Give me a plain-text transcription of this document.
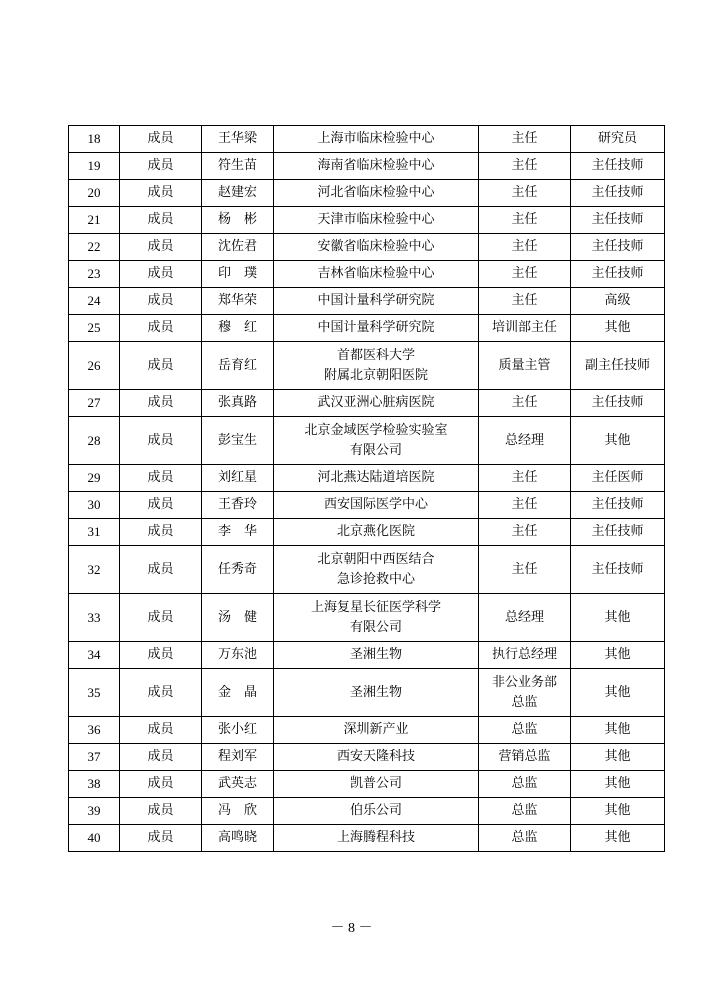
18	成员	王华梁	上海市临床检验中心	主任	研究员
19	成员	符生苗	海南省临床检验中心	主任	主任技师
20	成员	赵建宏	河北省临床检验中心	主任	主任技师
21	成员	杨　彬	天津市临床检验中心	主任	主任技师
22	成员	沈佐君	安徽省临床检验中心	主任	主任技师
23	成员	印　璞	吉林省临床检验中心	主任	主任技师
24	成员	郑华荣	中国计量科学研究院	主任	高级
25	成员	穆　红	中国计量科学研究院	培训部主任	其他
26	成员	岳育红	首都医科大学
附属北京朝阳医院	质量主管	副主任技师
27	成员	张真路	武汉亚洲心脏病医院	主任	主任技师
28	成员	彭宝生	北京金域医学检验实验室
有限公司	总经理	其他
29	成员	刘红星	河北燕达陆道培医院	主任	主任医师
30	成员	王香玲	西安国际医学中心	主任	主任技师
31	成员	李　华	北京燕化医院	主任	主任技师
32	成员	任秀奇	北京朝阳中西医结合
急诊抢救中心	主任	主任技师
33	成员	汤　健	上海复星长征医学科学
有限公司	总经理	其他
34	成员	万东池	圣湘生物	执行总经理	其他
35	成员	金　晶	圣湘生物	非公业务部
总监	其他
36	成员	张小红	深圳新产业	总监	其他
37	成员	程刘军	西安天隆科技	营销总监	其他
38	成员	武英志	凯普公司	总监	其他
39	成员	冯　欣	伯乐公司	总监	其他
40	成员	高鸣晓	上海腾程科技	总监	其他
－ 8 －
